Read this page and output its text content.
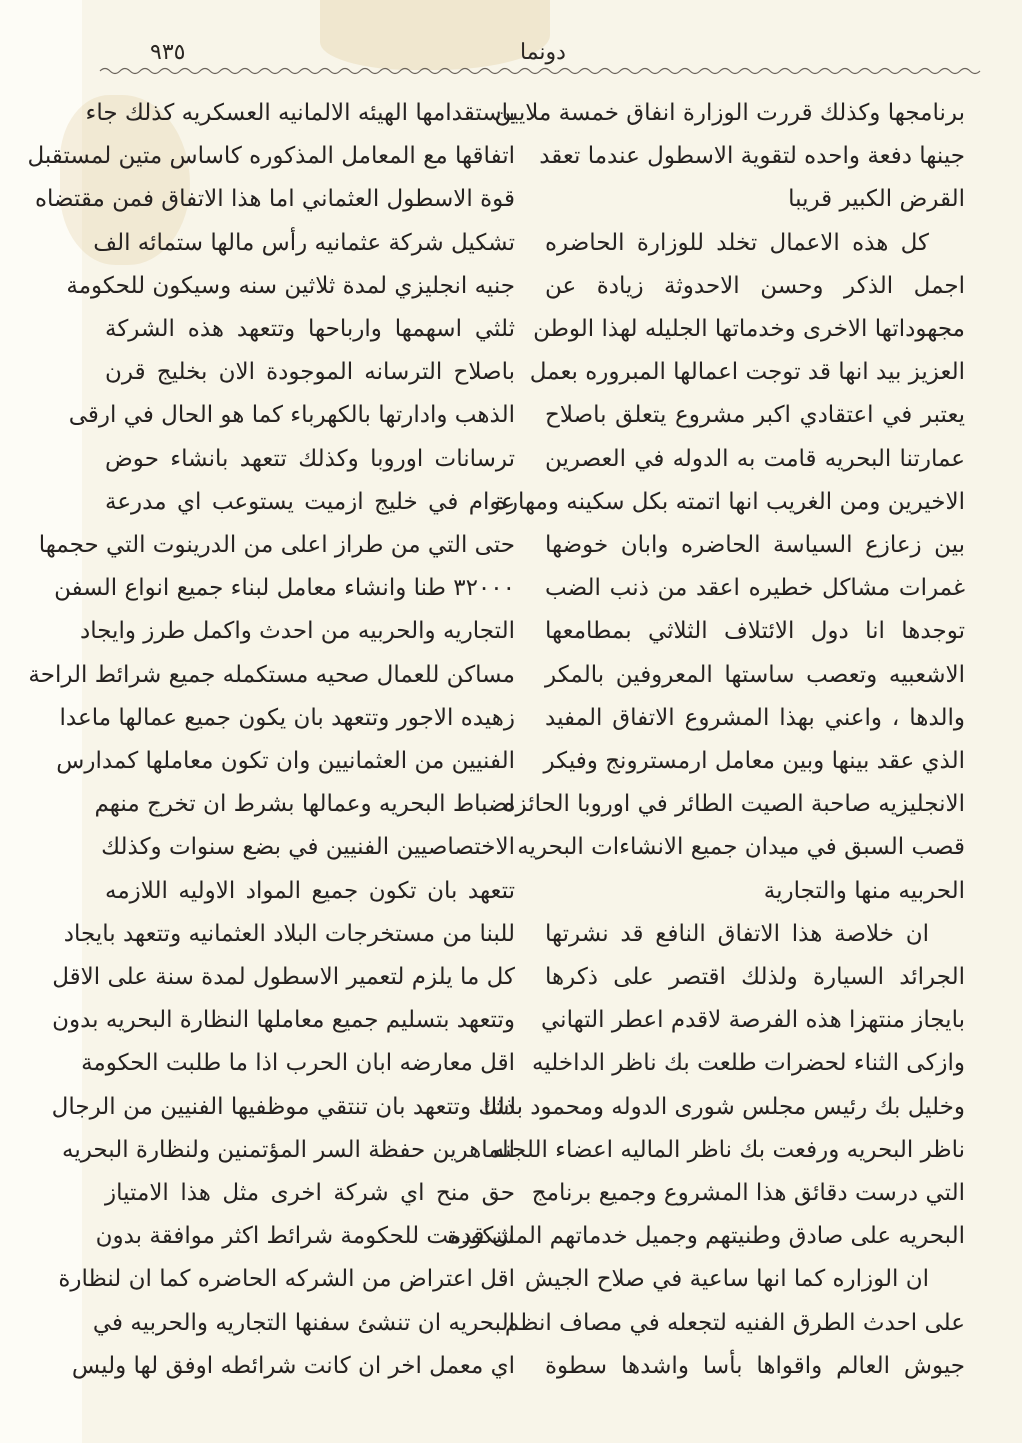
٩٣٥	دونما
برنامجها وكذلك قررت الوزارة انفاق خمسة ملايين
جينها دفعة واحده لتقوية الاسطول عندما تعقد
القرض الكبير قريبا
كل هذه الاعمال تخلد للوزارة الحاضره
اجمل الذكر وحسن الاحدوثة زيادة عن
مجهوداتها الاخرى وخدماتها الجليله لهذا الوطن
العزيز بيد انها قد توجت اعمالها المبروره بعمل
يعتبر في اعتقادي اكبر مشروع يتعلق باصلاح
عمارتنا البحريه قامت به الدوله في العصرين
الاخيرين ومن الغريب انها اتمته بكل سكينه ومهارة
بين زعازع السياسة الحاضره وابان خوضها
غمرات مشاكل خطيره اعقد من ذنب الضب
توجدها انا دول الائتلاف الثلاثي بمطامعها
الاشعبيه وتعصب ساستها المعروفين بالمكر
والدها ، واعني بهذا المشروع الاتفاق المفيد
الذي عقد بينها وبين معامل ارمسترونج وفيكر
الانجليزيه صاحبة الصيت الطائر في اوروبا الحائزه
قصب السبق في ميدان جميع الانشاءات البحريه
الحربيه منها والتجارية
ان خلاصة هذا الاتفاق النافع قد نشرتها
الجرائد السيارة ولذلك اقتصر على ذكرها
بايجاز منتهزا هذه الفرصة لاقدم اعطر التهاني
وازكى الثناء لحضرات طلعت بك ناظر الداخليه
وخليل بك رئيس مجلس شورى الدوله ومحمود باشا
ناظر البحريه ورفعت بك ناظر الماليه اعضاء اللجنه
التي درست دقائق هذا المشروع وجميع برنامج
البحريه على صادق وطنيتهم وجميل خدماتهم المشكورة
ان الوزاره كما انها ساعية في صلاح الجيش
على احدث الطرق الفنيه لتجعله في مصاف انظم
جيوش العالم واقواها بأسا واشدها سطوة
باستقدامها الهيئه الالمانيه العسكريه كذلك جاء
اتفاقها مع المعامل المذكوره كاساس متين لمستقبل
قوة الاسطول العثماني اما هذا الاتفاق فمن مقتضاه
تشكيل شركة عثمانيه رأس مالها ستمائه الف
جنيه انجليزي لمدة ثلاثين سنه وسيكون للحكومة
ثلثي اسهمها وارباحها وتتعهد هذه الشركة
باصلاح الترسانه الموجودة الان بخليج قرن
الذهب وادارتها بالكهرباء كما هو الحال في ارقى
ترسانات اوروبا وكذلك تتعهد بانشاء حوض
عوام في خليج ازميت يستوعب اي مدرعة
حتى التي من طراز اعلى من الدرينوت التي حجمها
٣٢٠٠٠ طنا وانشاء معامل لبناء جميع انواع السفن
التجاريه والحربيه من احدث واكمل طرز وايجاد
مساكن للعمال صحيه مستكمله جميع شرائط الراحة
زهيده الاجور وتتعهد بان يكون جميع عمالها ماعدا
الفنيين من العثمانيين وان تكون معاملها كمدارس
لضباط البحريه وعمالها بشرط ان تخرج منهم
الاختصاصيين الفنيين في بضع سنوات وكذلك
تتعهد بان تكون جميع المواد الاوليه اللازمه
للبنا من مستخرجات البلاد العثمانيه وتتعهد بايجاد
كل ما يلزم لتعمير الاسطول لمدة سنة على الاقل
وتتعهد بتسليم جميع معاملها النظارة البحريه بدون
اقل معارضه ابان الحرب اذا ما طلبت الحكومة
ذلك وتتعهد بان تنتقي موظفيها الفنيين من الرجال
الماهرين حفظة السر المؤتمنين ولنظارة البحريه
حق منح اي شركة اخرى مثل هذا الامتياز
ان قدمت للحكومة شرائط اكثر موافقة بدون
اقل اعتراض من الشركه الحاضره كما ان لنظارة
البحريه ان تنشئ سفنها التجاريه والحربيه في
اي معمل اخر ان كانت شرائطه اوفق لها وليس
